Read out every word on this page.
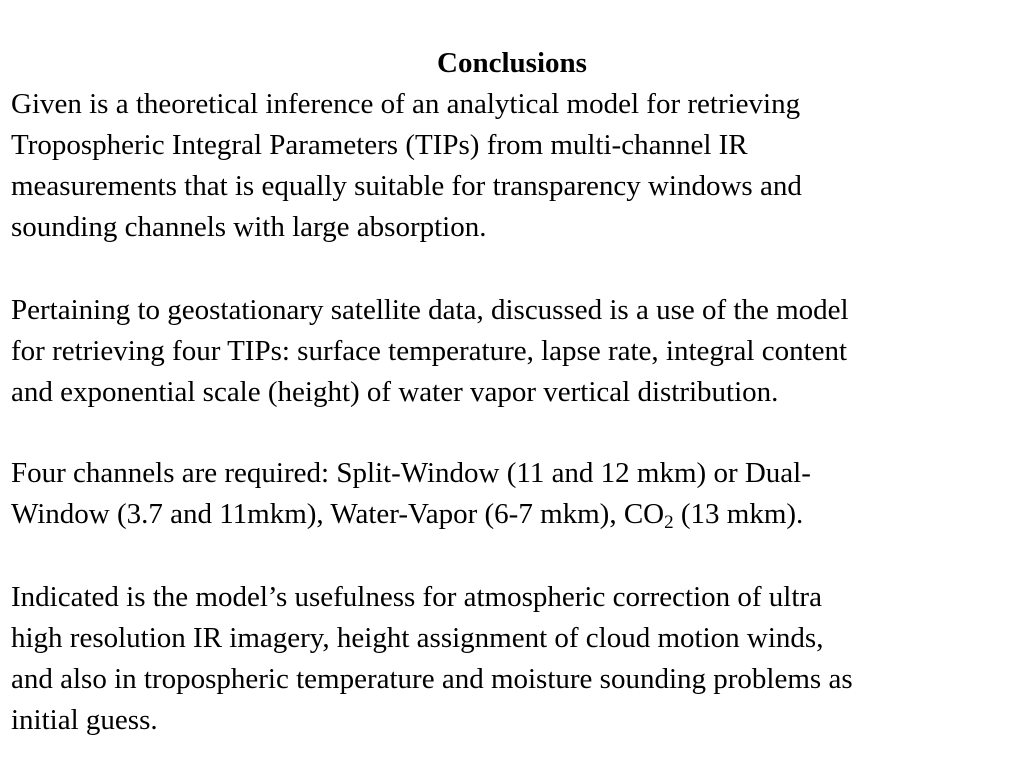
Conclusions
Given is a theoretical inference of an analytical model for retrieving
Tropospheric Integral Parameters (TIPs) from multi-channel IR
measurements that is equally suitable for transparency windows and
sounding channels with large absorption.
Pertaining to geostationary satellite data, discussed is a use of the model
for retrieving four TIPs: surface temperature, lapse rate, integral content
and exponential scale (height) of water vapor vertical distribution.
Four channels are required: Split-Window (11 and 12 mkm) or Dual-
Window (3.7 and 11mkm), Water-Vapor (6-7 mkm), $CO_2$ (13 mkm).
Indicated is the model’s usefulness for atmospheric correction of ultra
high resolution IR imagery, height assignment of cloud motion winds,
and also in tropospheric temperature and moisture sounding problems as
initial guess.
